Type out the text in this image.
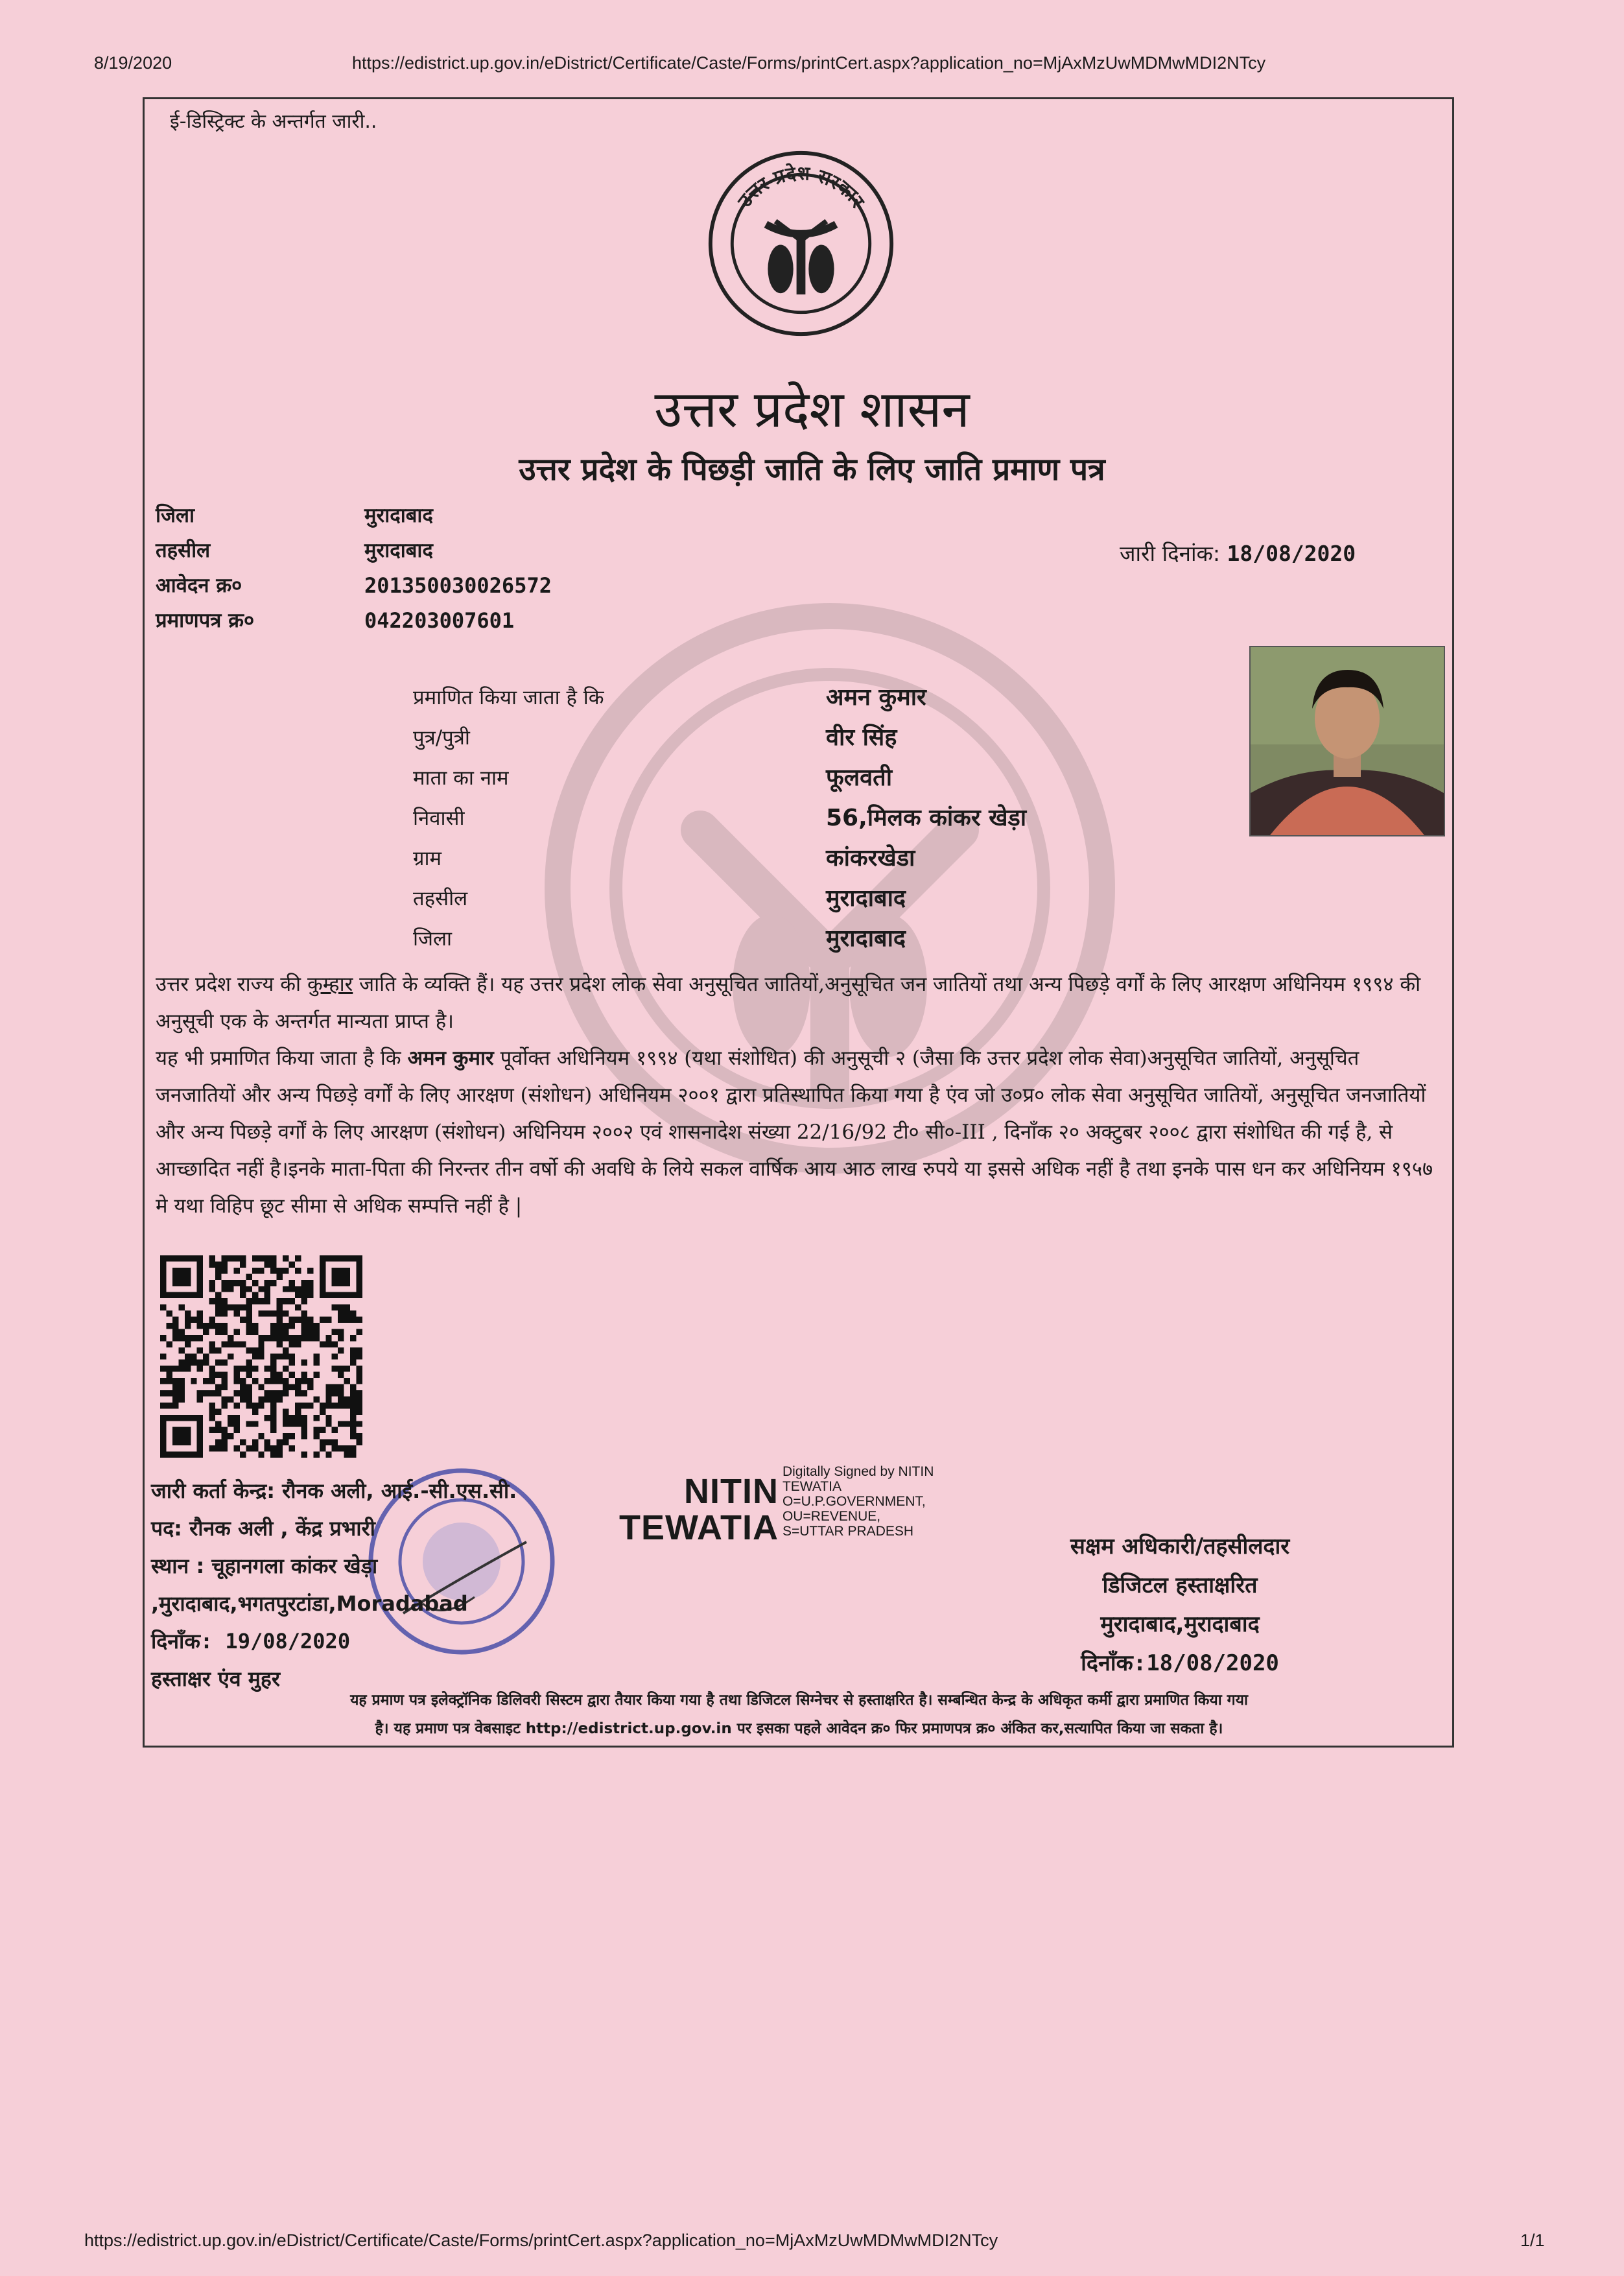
8/19/2020	https://edistrict.up.gov.in/eDistrict/Certificate/Caste/Forms/printCert.aspx?application_no=MjAxMzUwMDMwMDI2NTcy
ई-डिस्ट्रिक्ट के अन्तर्गत जारी..
उत्तर प्रदेश सरकार
उत्तर प्रदेश शासन
उत्तर प्रदेश के पिछड़ी जाति के लिए जाति प्रमाण पत्र
जिला	मुरादाबाद
तहसील	मुरादाबाद
आवेदन क्र०	201350030026572
प्रमाणपत्र क्र०	042203007601
जारी दिनांक: 18/08/2020
प्रमाणित किया जाता है कि	अमन कुमार
पुत्र/पुत्री	वीर सिंह
माता का नाम	फूलवती
निवासी	56,मिलक कांकर खेड़ा
ग्राम	कांकरखेडा
तहसील	मुरादाबाद
जिला	मुरादाबाद

उत्तर प्रदेश राज्य की कुम्हार जाति के व्यक्ति हैं। यह उत्तर प्रदेश लोक सेवा अनुसूचित जातियों,अनुसूचित जन जातियों तथा अन्य पिछड़े वर्गों के लिए आरक्षण अधिनियम १९९४ की अनुसूची एक के अन्तर्गत मान्यता प्राप्त है।

यह भी प्रमाणित किया जाता है कि अमन कुमार पूर्वोक्त अधिनियम १९९४ (यथा संशोधित) की अनुसूची २ (जैसा कि उत्तर प्रदेश लोक सेवा)अनुसूचित जातियों, अनुसूचित जनजातियों और अन्य पिछड़े वर्गों के लिए आरक्षण (संशोधन) अधिनियम २००१ द्वारा प्रतिस्थापित किया गया है एंव जो उ०प्र० लोक सेवा अनुसूचित जातियों, अनुसूचित जनजातियों और अन्य पिछड़े वर्गों के लिए आरक्षण (संशोधन) अधिनियम २००२ एवं शासनादेश संख्या 22/16/92 टी० सी०-III , दिनाँक २० अक्टुबर २००८ द्वारा संशोधित की गई है, से आच्छादित नहीं है।इनके माता-पिता की निरन्तर तीन वर्षो की अवधि के लिये सकल वार्षिक आय आठ लाख रुपये या इससे अधिक नहीं है तथा इनके पास धन कर अधिनियम १९५७ मे यथा विहिप छूट सीमा से अधिक सम्पत्ति नहीं है |

जारी कर्ता केन्द्र: रौनक अली, आई.-सी.एस.सी.
पद: रौनक अली , केंद्र प्रभारी
स्थान : चूहानगला कांकर खेड़ा
,मुरादाबाद,भगतपुरटांडा,Moradabad
दिनाँक: 19/08/2020
हस्ताक्षर एंव मुहर
NITIN
TEWATIA
Digitally Signed by NITIN
TEWATIA
O=U.P.GOVERNMENT,
OU=REVENUE,
S=UTTAR PRADESH
सक्षम अधिकारी/तहसीलदार
डिजिटल हस्ताक्षरित
मुरादाबाद,मुरादाबाद
दिनाँक:18/08/2020
यह प्रमाण पत्र इलेक्ट्रॉनिक डिलिवरी सिस्टम द्वारा तैयार किया गया है तथा डिजिटल सिग्नेचर से हस्ताक्षरित है। सम्बन्धित केन्द्र के अधिकृत कर्मी द्वारा प्रमाणित किया गया
है। यह प्रमाण पत्र वेबसाइट http://edistrict.up.gov.in पर इसका पहले आवेदन क्र० फिर प्रमाणपत्र क्र० अंकित कर,सत्यापित किया जा सकता है।
https://edistrict.up.gov.in/eDistrict/Certificate/Caste/Forms/printCert.aspx?application_no=MjAxMzUwMDMwMDI2NTcy	1/1
